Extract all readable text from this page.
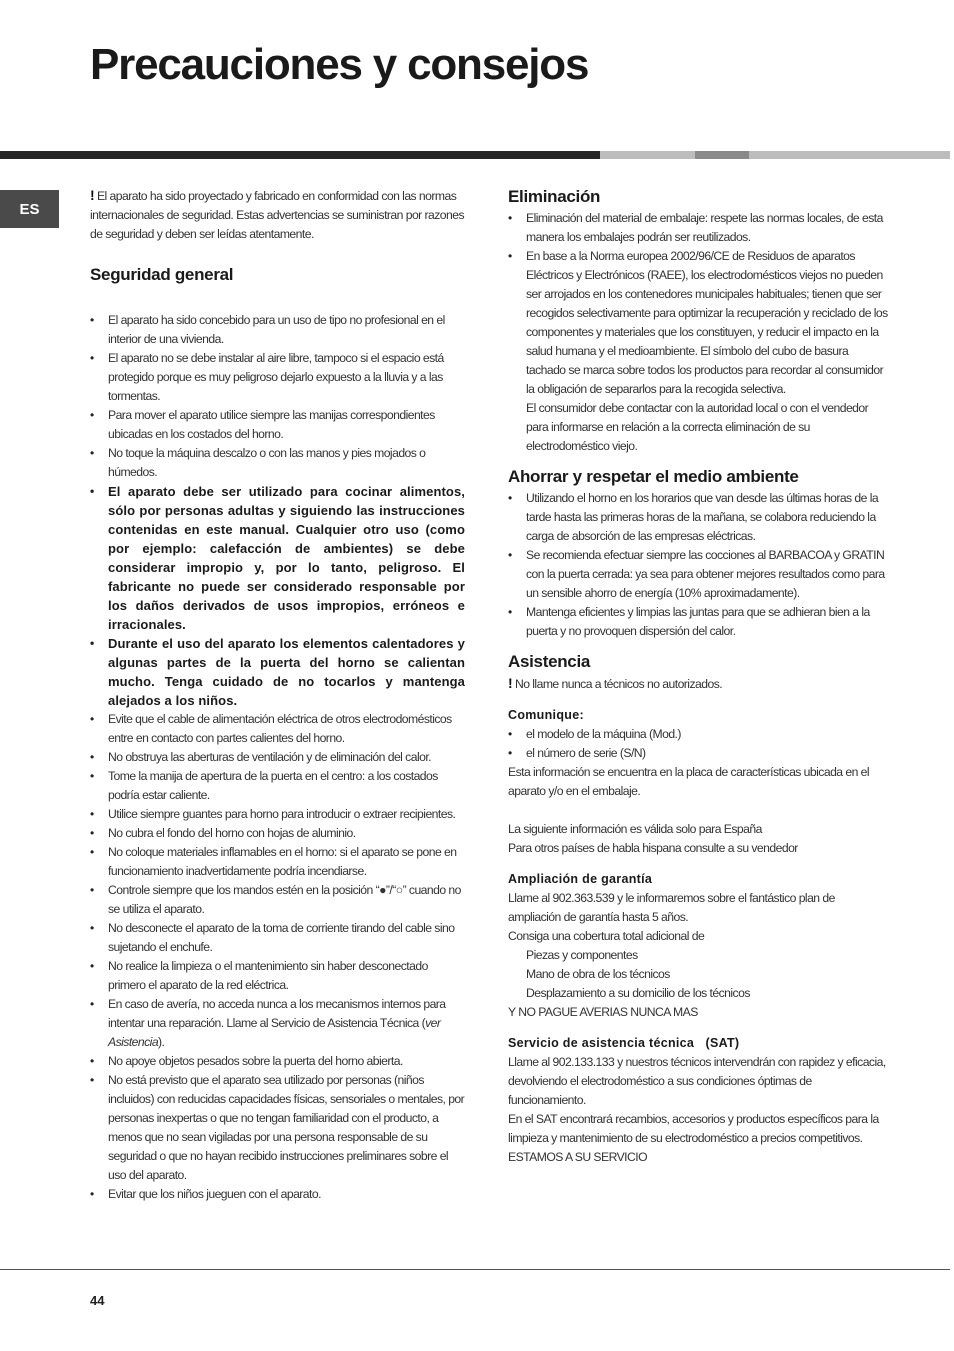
Precauciones y consejos
ES

! El aparato ha sido proyectado y fabricado en conformidad con las normas internacionales de seguridad. Estas advertencias se suministran por razones de seguridad y deben ser leídas atentamente.

Seguridad general
• El aparato ha sido concebido para un uso de tipo no profesional en el interior de una vivienda.
• El aparato no se debe instalar al aire libre, tampoco si el espacio está protegido porque es muy peligroso dejarlo expuesto a la lluvia y a las tormentas.
• Para mover el aparato utilice siempre las manijas correspondientes ubicadas en los costados del horno.
• No toque la máquina descalzo o con las manos y pies mojados o húmedos.
• El aparato debe ser utilizado para cocinar alimentos, sólo por personas adultas y siguiendo las instrucciones contenidas en este manual. Cualquier otro uso (como por ejemplo: calefacción de ambientes) se debe considerar impropio y, por lo tanto, peligroso. El fabricante no puede ser considerado responsable por los daños derivados de usos impropios, erróneos e irracionales.
• Durante el uso del aparato los elementos calentadores y algunas partes de la puerta del horno se calientan mucho. Tenga cuidado de no tocarlos y mantenga alejados a los niños.
• Evite que el cable de alimentación eléctrica de otros electrodomésticos entre en contacto con partes calientes del horno.
• No obstruya las aberturas de ventilación y de eliminación del calor.
• Tome la manija de apertura de la puerta en el centro: a los costados podría estar caliente.
• Utilice siempre guantes para horno para introducir o extraer recipientes.
• No cubra el fondo del horno con hojas de aluminio.
• No coloque materiales inflamables en el horno: si el aparato se pone en funcionamiento inadvertidamente podría incendiarse.
• Controle siempre que los mandos estén en la posición “●”/“○” cuando no se utiliza el aparato.
• No desconecte el aparato de la toma de corriente tirando del cable sino sujetando el enchufe.
• No realice la limpieza o el mantenimiento sin haber desconectado primero el aparato de la red eléctrica.
• En caso de avería, no acceda nunca a los mecanismos internos para intentar una reparación. Llame al Servicio de Asistencia Técnica (ver Asistencia).
• No apoye objetos pesados sobre la puerta del horno abierta.
• No está previsto que el aparato sea utilizado por personas (niños incluidos) con reducidas capacidades físicas, sensoriales o mentales, por personas inexpertas o que no tengan familiaridad con el producto, a menos que no sean vigiladas por una persona responsable de su seguridad o que no hayan recibido instrucciones preliminares sobre el uso del aparato.
• Evitar que los niños jueguen con el aparato.
Eliminación
• Eliminación del material de embalaje: respete las normas locales, de esta manera los embalajes podrán ser reutilizados.
• En base a la Norma europea 2002/96/CE de Residuos de aparatos Eléctricos y Electrónicos (RAEE), los electrodomésticos viejos no pueden ser arrojados en los contenedores municipales habituales; tienen que ser recogidos selectivamente para optimizar la recuperación y reciclado de los componentes y materiales que los constituyen, y reducir el impacto en la salud humana y el medioambiente. El símbolo del cubo de basura tachado se marca sobre todos los productos para recordar al consumidor la obligación de separarlos para la recogida selectiva.

El consumidor debe contactar con la autoridad local o con el vendedor para informarse en relación a la correcta eliminación de su electrodoméstico viejo.

Ahorrar y respetar el medio ambiente
• Utilizando el horno en los horarios que van desde las últimas horas de la tarde hasta las primeras horas de la mañana, se colabora reduciendo la carga de absorción de las empresas eléctricas.
• Se recomienda efectuar siempre las cocciones al BARBACOA y GRATIN con la puerta cerrada: ya sea para obtener mejores resultados como para un sensible ahorro de energía (10% aproximadamente).
• Mantenga eficientes y limpias las juntas para que se adhieran bien a la puerta y no provoquen dispersión del calor.
Asistencia

! No llame nunca a técnicos no autorizados.

Comunique:

• el modelo de la máquina (Mod.)
• el número de serie (S/N)

Esta información se encuentra en la placa de características ubicada en el aparato y/o en el embalaje.

La siguiente información es válida solo para España

Para otros países de habla hispana consulte a su vendedor

Ampliación de garantía

Llame al 902.363.539 y le informaremos sobre el fantástico plan de ampliación de garantía hasta 5 años.

Consiga una cobertura total adicional de

Piezas y componentes

Mano de obra de los técnicos

Desplazamiento a su domicilio de los técnicos

Y NO PAGUE AVERIAS NUNCA MAS

Servicio de asistencia técnica   (SAT)

Llame al 902.133.133 y nuestros técnicos intervendrán con rapidez y eficacia, devolviendo el electrodoméstico a sus condiciones óptimas de funcionamiento.

En el SAT encontrará recambios, accesorios y productos específicos para la limpieza y mantenimiento de su electrodoméstico a precios competitivos.

ESTAMOS A SU SERVICIO

44
